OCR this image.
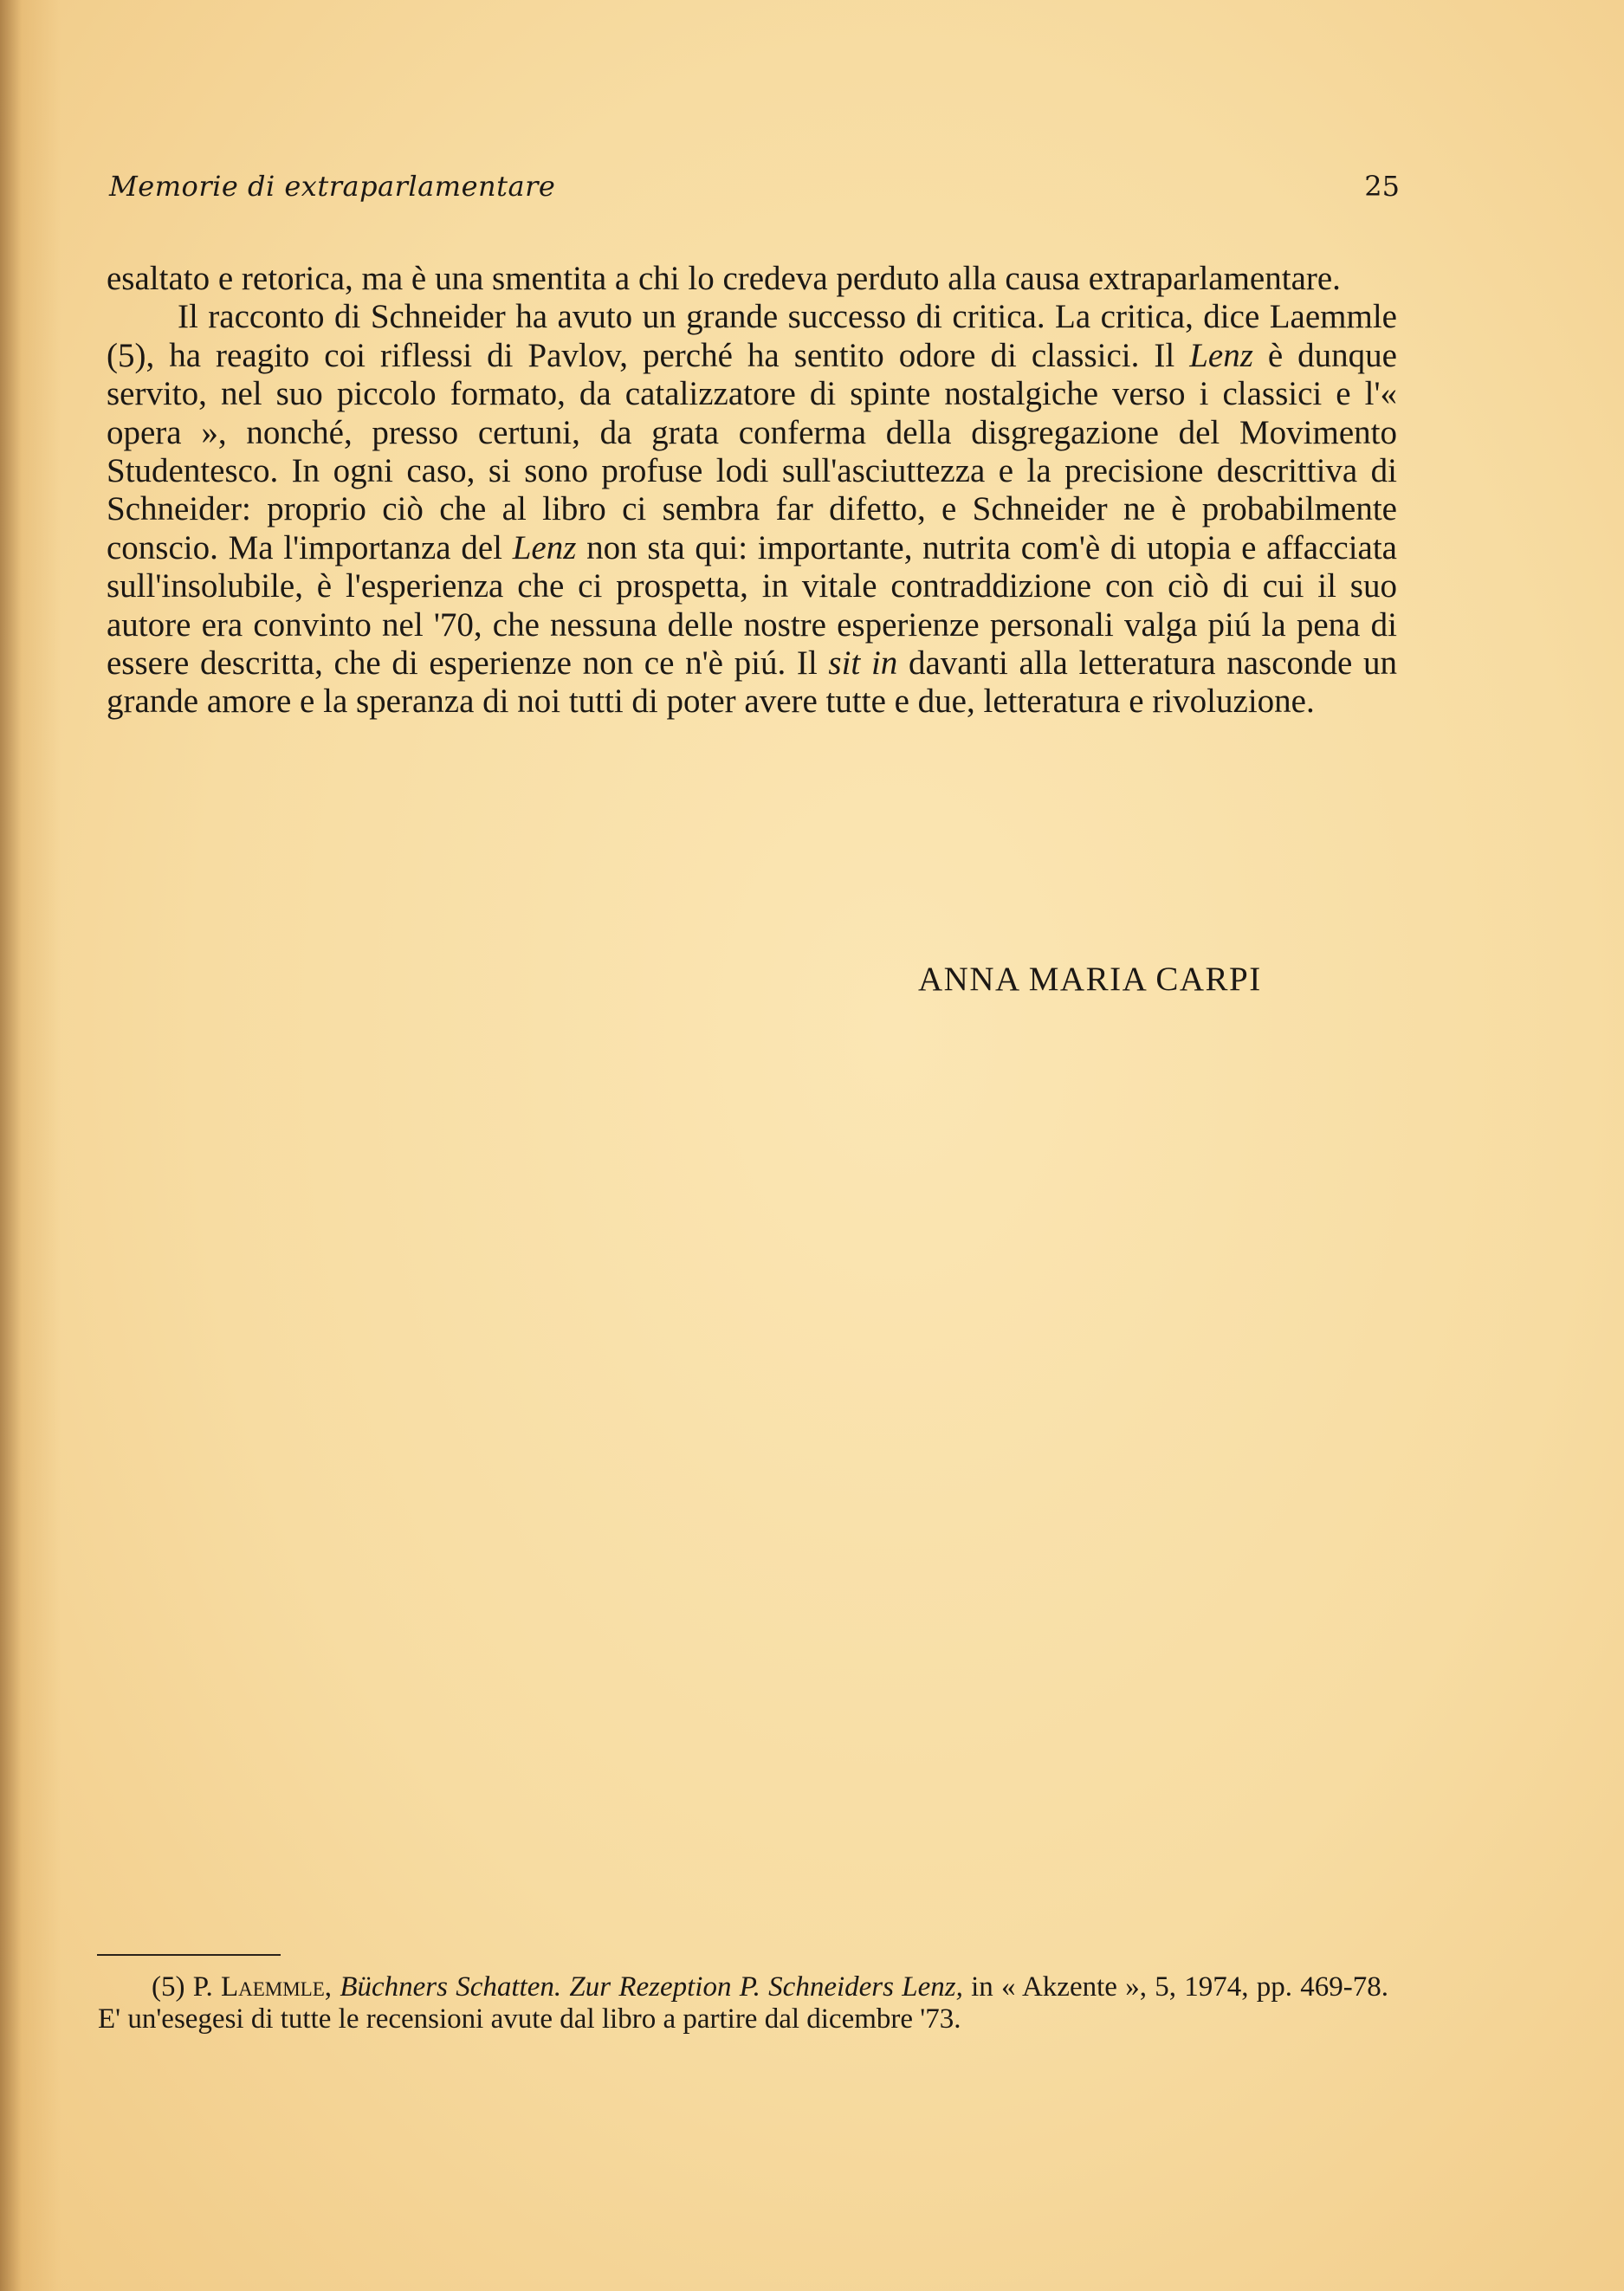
Memorie di extraparlamentare	25

esaltato e retorica, ma è una smentita a chi lo credeva perduto alla causa extraparlamentare.

Il racconto di Schneider ha avuto un grande successo di critica. La critica, dice Laemmle (5), ha reagito coi riflessi di Pavlov, perché ha sentito odore di classici. Il Lenz è dunque servito, nel suo piccolo formato, da catalizzatore di spinte nostalgiche verso i classici e l'« opera », nonché, presso certuni, da grata conferma della disgregazione del Movimento Studentesco. In ogni caso, si sono profuse lodi sull'asciuttezza e la precisione descrittiva di Schneider: proprio ciò che al libro ci sembra far difetto, e Schneider ne è probabilmente conscio. Ma l'importanza del Lenz non sta qui: importante, nutrita com'è di utopia e affacciata sull'insolubile, è l'esperienza che ci prospetta, in vitale contraddizione con ciò di cui il suo autore era convinto nel '70, che nessuna delle nostre esperienze personali valga piú la pena di essere descritta, che di esperienze non ce n'è piú. Il sit in davanti alla letteratura nasconde un grande amore e la speranza di noi tutti di poter avere tutte e due, letteratura e rivoluzione.

ANNA MARIA CARPI

(5) P. Laemmle, Büchners Schatten. Zur Rezeption P. Schneiders Lenz, in « Akzente », 5, 1974, pp. 469-78. E' un'esegesi di tutte le recensioni avute dal libro a partire dal dicembre '73.
